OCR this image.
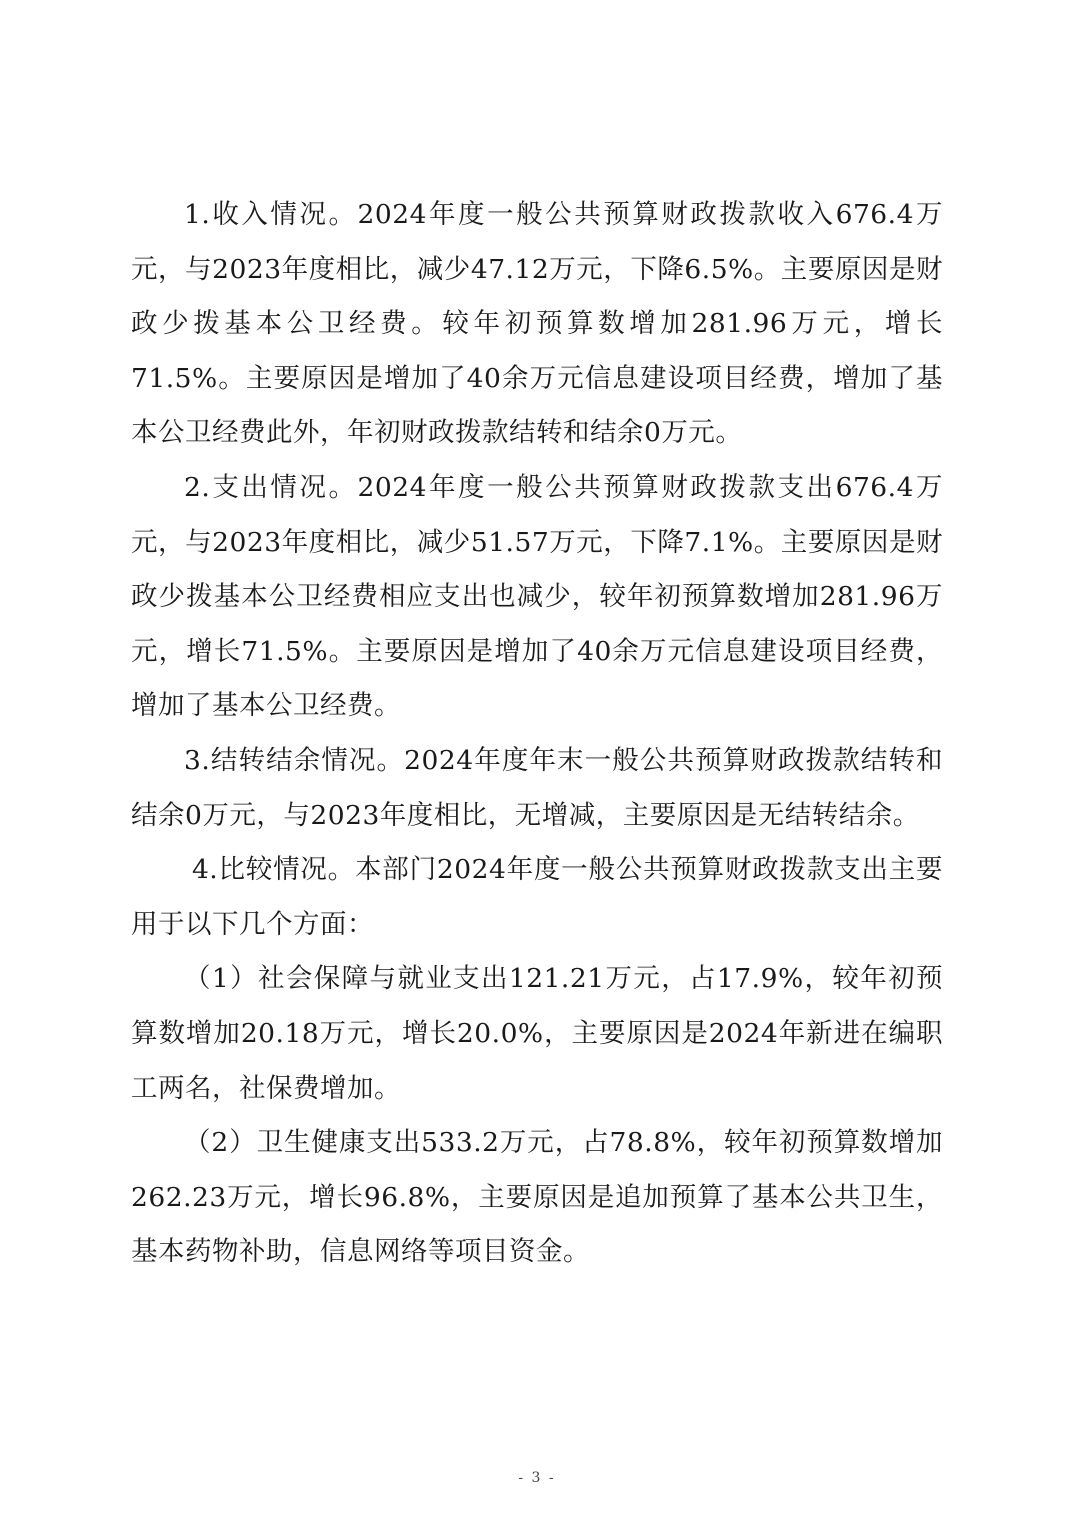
1.收入情况。2024年度一般公共预算财政拨款收入676.4万元，与2023年度相比，减少47.12万元，下降6.5%。主要原因是财政少拨基本公卫经费。较年初预算数增加281.96万元，增长71.5%。主要原因是增加了40余万元信息建设项目经费，增加了基本公卫经费此外，年初财政拨款结转和结余0万元。

2.支出情况。2024年度一般公共预算财政拨款支出676.4万元，与2023年度相比，减少51.57万元，下降7.1%。主要原因是财政少拨基本公卫经费相应支出也减少，较年初预算数增加281.96万元，增长71.5%。主要原因是增加了40余万元信息建设项目经费，增加了基本公卫经费。

3.结转结余情况。2024年度年末一般公共预算财政拨款结转和结余0万元，与2023年度相比，无增减，主要原因是无结转结余。

4.比较情况。本部门2024年度一般公共预算财政拨款支出主要用于以下几个方面：

（1）社会保障与就业支出121.21万元，占17.9%，较年初预算数增加20.18万元，增长20.0%，主要原因是2024年新进在编职工两名，社保费增加。

（2）卫生健康支出533.2万元，占78.8%，较年初预算数增加262.23万元，增长96.8%，主要原因是追加预算了基本公共卫生，基本药物补助，信息网络等项目资金。

- 3 -
